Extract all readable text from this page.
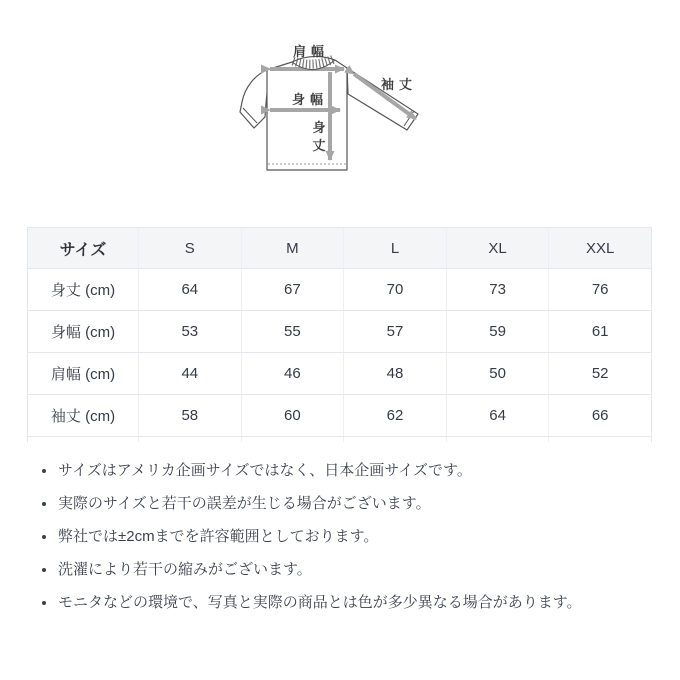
肩幅
袖丈
身幅
身
丈
サイズ	S	M	L	XL	XXL
身丈 (cm)	64	67	70	73	76
身幅 (cm)	53	55	57	59	61
肩幅 (cm)	44	46	48	50	52
袖丈 (cm)	58	60	62	64	66
サイズはアメリカ企画サイズではなく、日本企画サイズです。
実際のサイズと若干の誤差が生じる場合がございます。
弊社では±2cmまでを許容範囲としております。
洗濯により若干の縮みがございます。
モニタなどの環境で、写真と実際の商品とは色が多少異なる場合があります。
